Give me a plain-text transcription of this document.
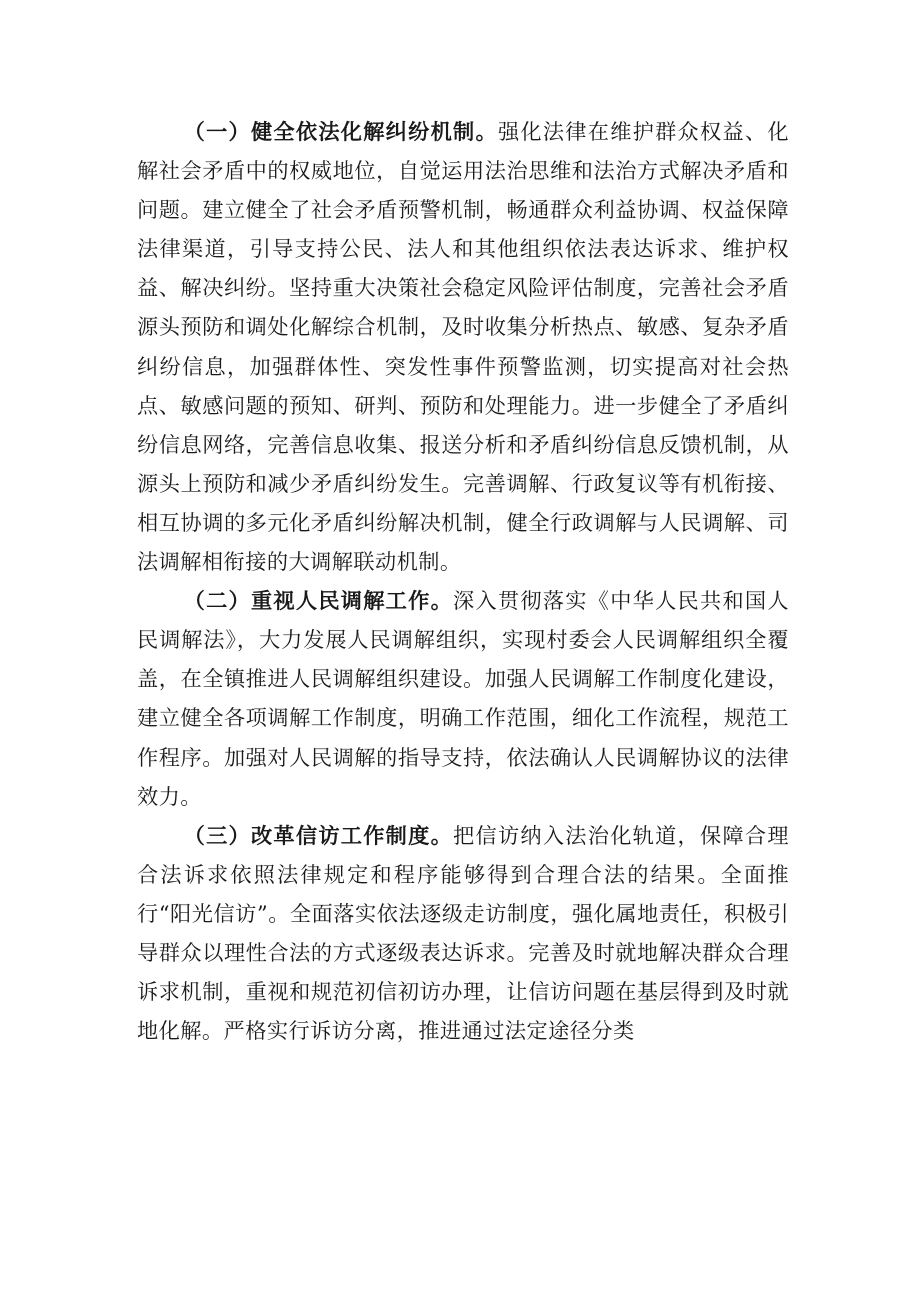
（一）健全依法化解纠纷机制。强化法律在维护群众权益、化解社会矛盾中的权威地位，自觉运用法治思维和法治方式解决矛盾和问题。建立健全了社会矛盾预警机制，畅通群众利益协调、权益保障法律渠道，引导支持公民、法人和其他组织依法表达诉求、维护权益、解决纠纷。坚持重大决策社会稳定风险评估制度，完善社会矛盾源头预防和调处化解综合机制，及时收集分析热点、敏感、复杂矛盾纠纷信息，加强群体性、突发性事件预警监测，切实提高对社会热点、敏感问题的预知、研判、预防和处理能力。进一步健全了矛盾纠纷信息网络，完善信息收集、报送分析和矛盾纠纷信息反馈机制，从源头上预防和减少矛盾纠纷发生。完善调解、行政复议等有机衔接、相互协调的多元化矛盾纠纷解决机制，健全行政调解与人民调解、司法调解相衔接的大调解联动机制。

（二）重视人民调解工作。深入贯彻落实《中华人民共和国人民调解法》，大力发展人民调解组织，实现村委会人民调解组织全覆盖，在全镇推进人民调解组织建设。加强人民调解工作制度化建设，建立健全各项调解工作制度，明确工作范围，细化工作流程，规范工作程序。加强对人民调解的指导支持，依法确认人民调解协议的法律效力。

（三）改革信访工作制度。把信访纳入法治化轨道，保障合理合法诉求依照法律规定和程序能够得到合理合法的结果。全面推行“阳光信访”。全面落实依法逐级走访制度，强化属地责任，积极引导群众以理性合法的方式逐级表达诉求。完善及时就地解决群众合理诉求机制，重视和规范初信初访办理，让信访问题在基层得到及时就地化解。严格实行诉访分离，推进通过法定途径分类
